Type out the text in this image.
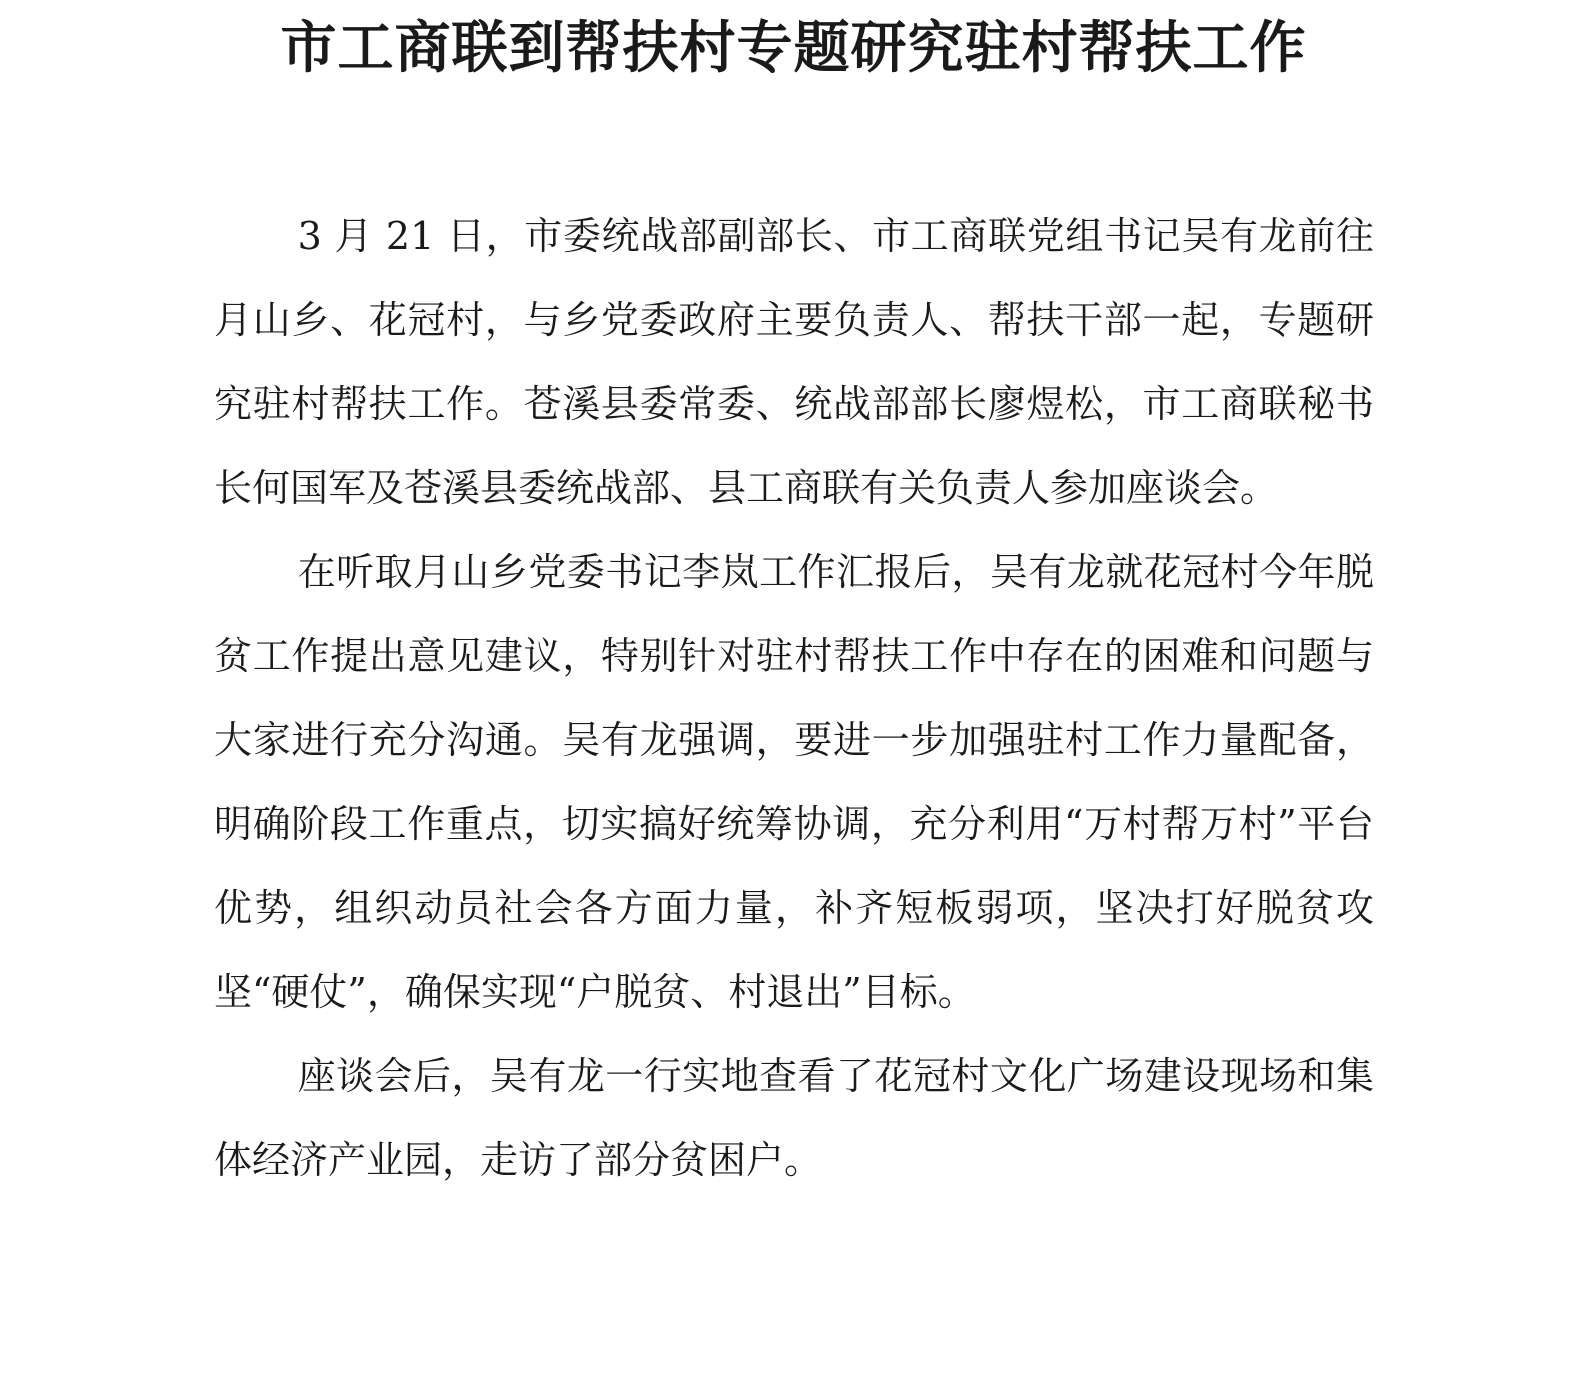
市工商联到帮扶村专题研究驻村帮扶工作

3 月 21 日，市委统战部副部长、市工商联党组书记吴有龙前往月山乡、花冠村，与乡党委政府主要负责人、帮扶干部一起，专题研究驻村帮扶工作。苍溪县委常委、统战部部长廖煜松，市工商联秘书长何国军及苍溪县委统战部、县工商联有关负责人参加座谈会。

在听取月山乡党委书记李岚工作汇报后，吴有龙就花冠村今年脱贫工作提出意见建议，特别针对驻村帮扶工作中存在的困难和问题与大家进行充分沟通。吴有龙强调，要进一步加强驻村工作力量配备，明确阶段工作重点，切实搞好统筹协调，充分利用“万村帮万村”平台优势，组织动员社会各方面力量，补齐短板弱项，坚决打好脱贫攻坚“硬仗”，确保实现“户脱贫、村退出”目标。

座谈会后，吴有龙一行实地查看了花冠村文化广场建设现场和集体经济产业园，走访了部分贫困户。
